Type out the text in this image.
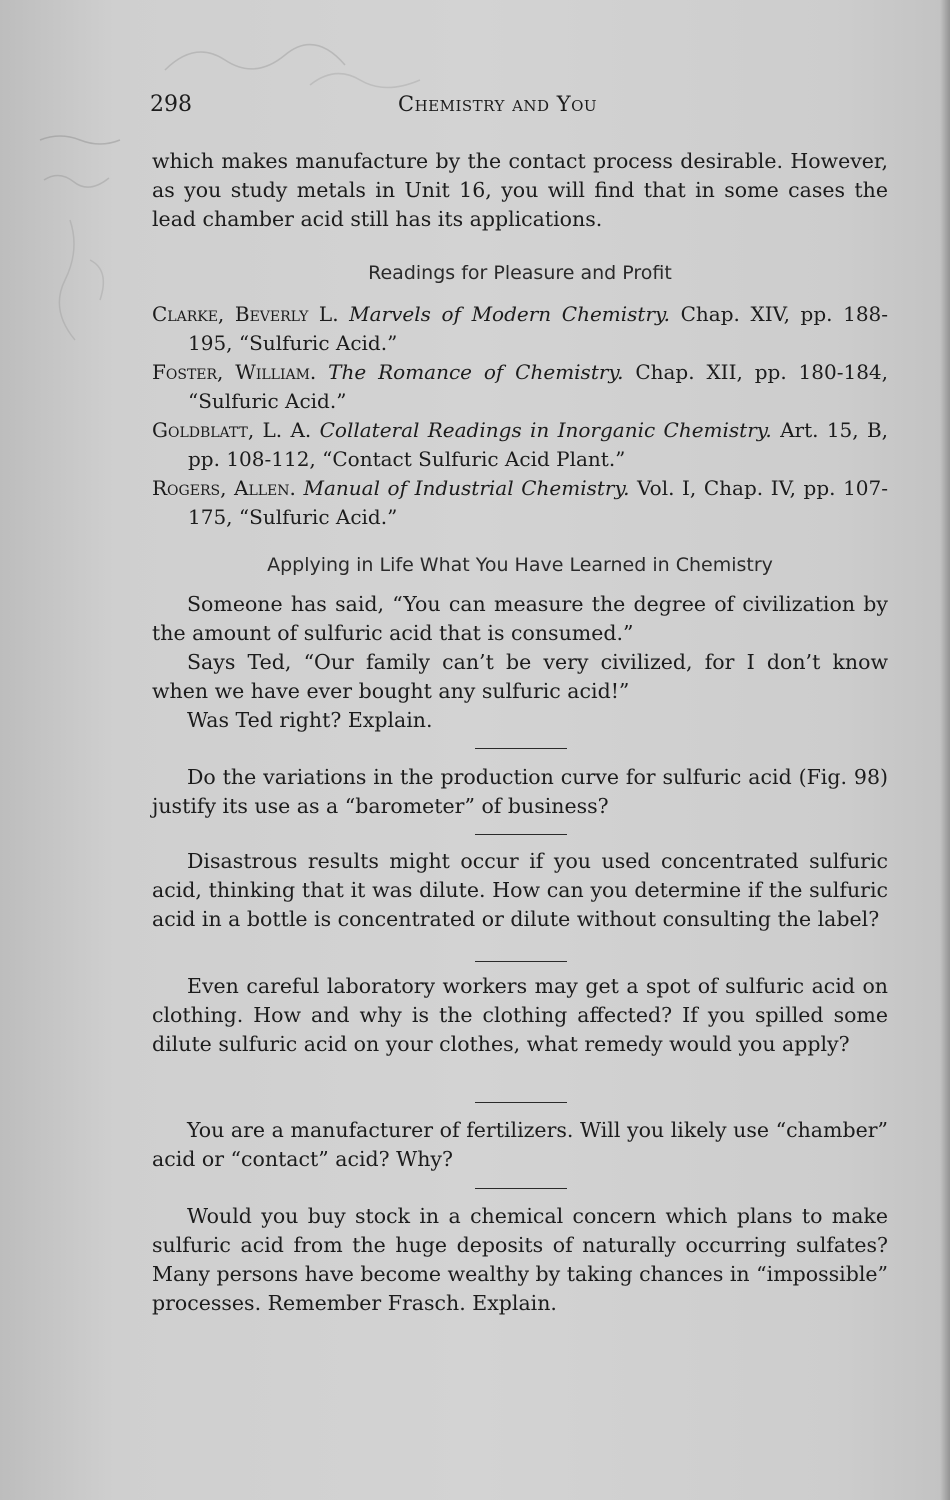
298	Chemistry and You

which makes manufacture by the contact process desirable. However, as you study metals in Unit 16, you will find that in some cases the lead chamber acid still has its applications.

Readings for Pleasure and Profit

Clarke, Beverly L. Marvels of Modern Chemistry. Chap. XIV, pp. 188-195, “Sulfuric Acid.”

Foster, William. The Romance of Chemistry. Chap. XII, pp. 180-184, “Sulfuric Acid.”

Goldblatt, L. A. Collateral Readings in Inorganic Chemistry. Art. 15, B, pp. 108-112, “Contact Sulfuric Acid Plant.”

Rogers, Allen. Manual of Industrial Chemistry. Vol. I, Chap. IV, pp. 107-175, “Sulfuric Acid.”

Applying in Life What You Have Learned in Chemistry

Someone has said, “You can measure the degree of civilization by the amount of sulfuric acid that is consumed.”

Says Ted, “Our family can’t be very civilized, for I don’t know when we have ever bought any sulfuric acid!”

Was Ted right? Explain.

Do the variations in the production curve for sulfuric acid (Fig. 98) justify its use as a “barometer” of business?

Disastrous results might occur if you used concentrated sulfuric acid, thinking that it was dilute. How can you determine if the sulfuric acid in a bottle is concentrated or dilute without consulting the label?

Even careful laboratory workers may get a spot of sulfuric acid on clothing. How and why is the clothing affected? If you spilled some dilute sulfuric acid on your clothes, what remedy would you apply?

You are a manufacturer of fertilizers. Will you likely use “chamber” acid or “contact” acid? Why?

Would you buy stock in a chemical concern which plans to make sulfuric acid from the huge deposits of naturally occurring sulfates? Many persons have become wealthy by taking chances in “impossible” processes. Remember Frasch. Explain.
